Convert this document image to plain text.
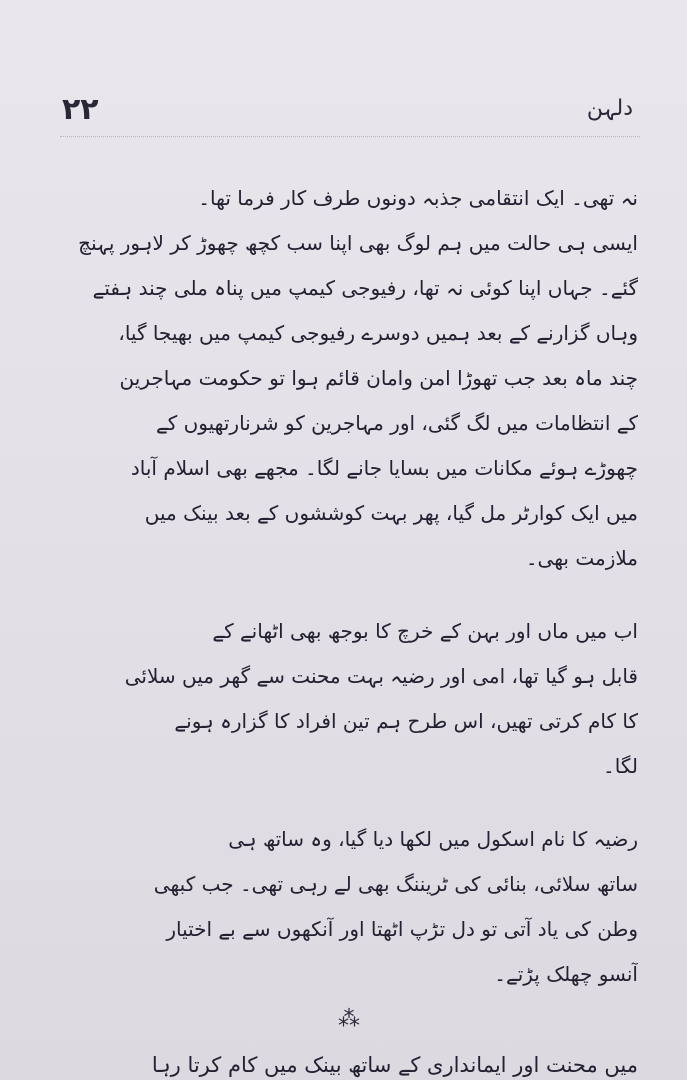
۲۲	دلہن

نہ تھی۔ ایک انتقامی جذبہ دونوں طرف کار فرما تھا۔

ایسی ہی حالت میں ہم لوگ بھی اپنا سب کچھ چھوڑ کر لاہور پہنچ

گئے۔ جہاں اپنا کوئی نہ تھا، رفیوجی کیمپ میں پناہ ملی چند ہفتے

وہاں گزارنے کے بعد ہمیں دوسرے رفیوجی کیمپ میں بھیجا گیا،

چند ماہ بعد جب تھوڑا امن وامان قائم ہوا تو حکومت مہاجرین

کے انتظامات میں لگ گئی، اور مہاجرین کو شرنارتھیوں کے

چھوڑے ہوئے مکانات میں بسایا جانے لگا۔ مجھے بھی اسلام آباد

میں ایک کوارٹر مل گیا، پھر بہت کوششوں کے بعد بینک میں

ملازمت بھی۔

اب میں ماں اور بہن کے خرچ کا بوجھ بھی اٹھانے کے

قابل ہو گیا تھا، امی اور رضیہ بہت محنت سے گھر میں سلائی

کا کام کرتی تھیں، اس طرح ہم تین افراد کا گزارہ ہونے

لگا۔

رضیہ کا نام اسکول میں لکھا دیا گیا، وہ ساتھ ہی

ساتھ سلائی، بنائی کی ٹریننگ بھی لے رہی تھی۔ جب کبھی

وطن کی یاد آتی تو دل تڑپ اٹھتا اور آنکھوں سے بے اختیار

آنسو چھلک پڑتے۔

⁂

میں محنت اور ایمانداری کے ساتھ بینک میں کام کرتا رہا
